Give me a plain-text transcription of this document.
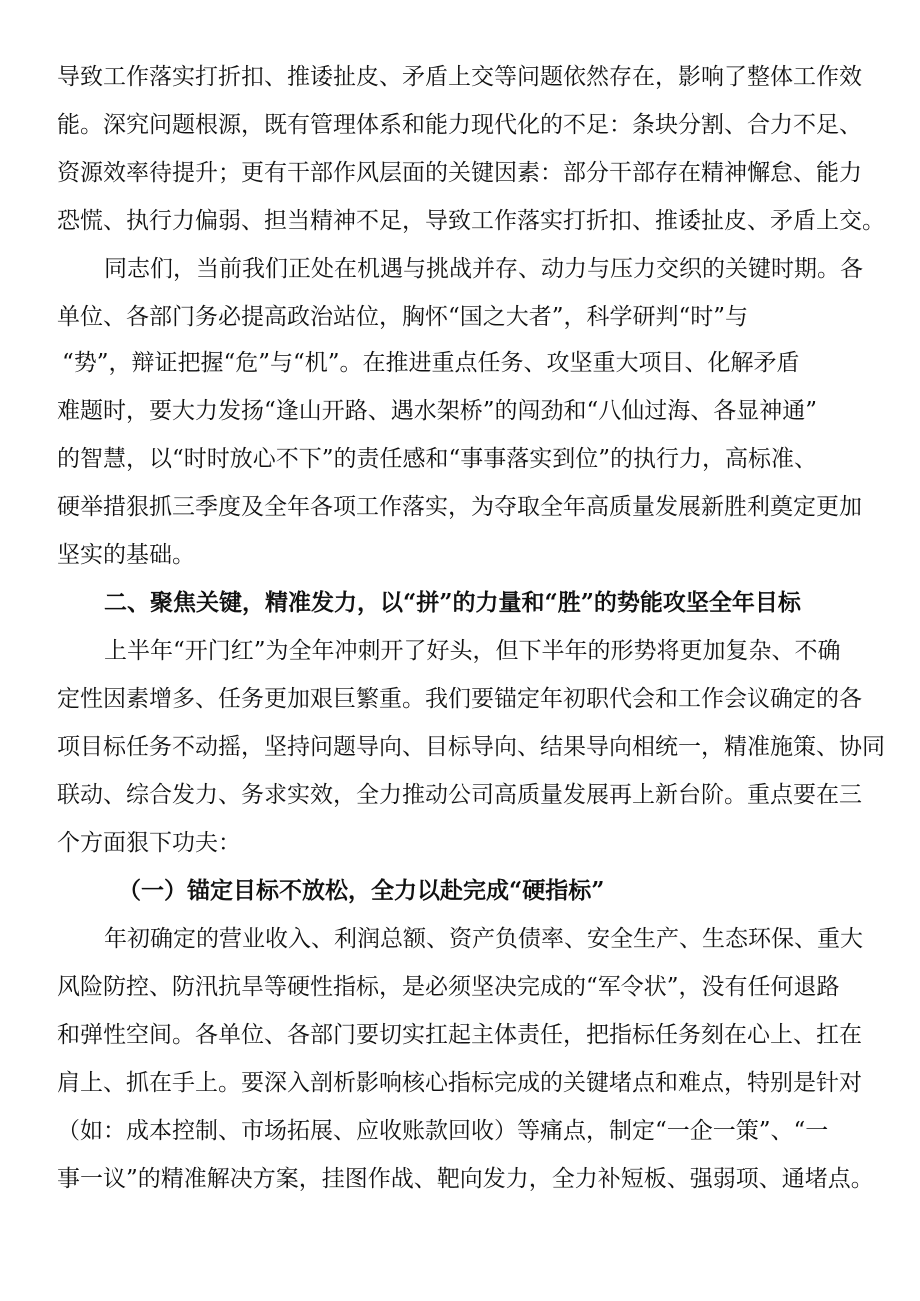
导致工作落实打折扣、推诿扯皮、矛盾上交等问题依然存在，影响了整体工作效
能。深究问题根源，既有管理体系和能力现代化的不足：条块分割、合力不足、
资源效率待提升；更有干部作风层面的关键因素：部分干部存在精神懈怠、能力
恐慌、执行力偏弱、担当精神不足，导致工作落实打折扣、推诿扯皮、矛盾上交。
同志们，当前我们正处在机遇与挑战并存、动力与压力交织的关键时期。各
单位、各部门务必提高政治站位，胸怀“国之大者”，科学研判“时”与
“势”，辩证把握“危”与“机”。在推进重点任务、攻坚重大项目、化解矛盾
难题时，要大力发扬“逢山开路、遇水架桥”的闯劲和“八仙过海、各显神通”
的智慧，以“时时放心不下”的责任感和“事事落实到位”的执行力，高标准、
硬举措狠抓三季度及全年各项工作落实，为夺取全年高质量发展新胜利奠定更加
坚实的基础。
二、聚焦关键，精准发力，以“拼”的力量和“胜”的势能攻坚全年目标
上半年“开门红”为全年冲刺开了好头，但下半年的形势将更加复杂、不确
定性因素增多、任务更加艰巨繁重。我们要锚定年初职代会和工作会议确定的各
项目标任务不动摇，坚持问题导向、目标导向、结果导向相统一，精准施策、协同
联动、综合发力、务求实效，全力推动公司高质量发展再上新台阶。重点要在三
个方面狠下功夫：
（一）锚定目标不放松，全力以赴完成“硬指标”
年初确定的营业收入、利润总额、资产负债率、安全生产、生态环保、重大
风险防控、防汛抗旱等硬性指标，是必须坚决完成的“军令状”，没有任何退路
和弹性空间。各单位、各部门要切实扛起主体责任，把指标任务刻在心上、扛在
肩上、抓在手上。要深入剖析影响核心指标完成的关键堵点和难点，特别是针对
（如：成本控制、市场拓展、应收账款回收）等痛点，制定“一企一策”、“一
事一议”的精准解决方案，挂图作战、靶向发力，全力补短板、强弱项、通堵点。
